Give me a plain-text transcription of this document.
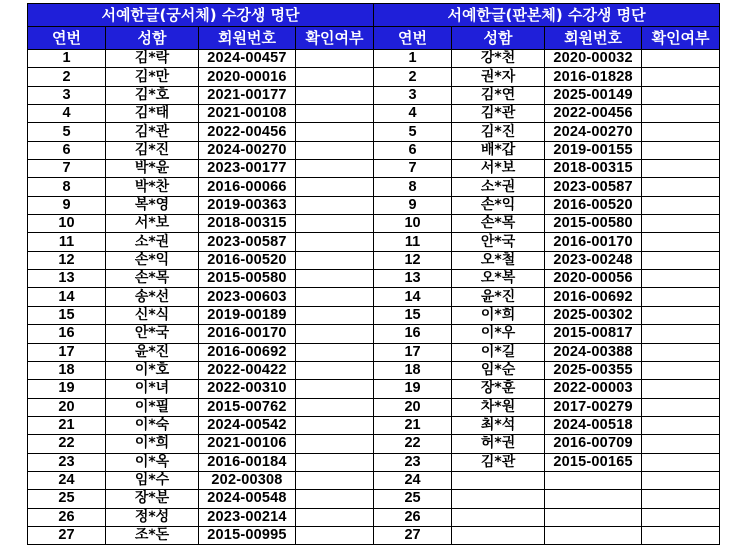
서예한글(궁서체) 수강생 명단				서예한글(판본체) 수강생 명단			
연번	성함	회원번호	확인여부	연번	성함	회원번호	확인여부
1	김*락	2024-00457		1	강*천	2020-00032	
2	김*만	2020-00016		2	권*자	2016-01828	
3	김*호	2021-00177		3	김*연	2025-00149	
4	김*태	2021-00108		4	김*관	2022-00456	
5	김*관	2022-00456		5	김*진	2024-00270	
6	김*진	2024-00270		6	배*갑	2019-00155	
7	박*윤	2023-00177		7	서*보	2018-00315	
8	박*찬	2016-00066		8	소*권	2023-00587	
9	복*영	2019-00363		9	손*익	2016-00520	
10	서*보	2018-00315		10	손*목	2015-00580	
11	소*권	2023-00587		11	안*국	2016-00170	
12	손*익	2016-00520		12	오*철	2023-00248	
13	손*목	2015-00580		13	오*복	2020-00056	
14	송*선	2023-00603		14	윤*진	2016-00692	
15	신*식	2019-00189		15	이*희	2025-00302	
16	안*국	2016-00170		16	이*우	2015-00817	
17	윤*진	2016-00692		17	이*길	2024-00388	
18	이*호	2022-00422		18	임*순	2025-00355	
19	이*녀	2022-00310		19	장*훈	2022-00003	
20	이*필	2015-00762		20	차*원	2017-00279	
21	이*숙	2024-00542		21	최*석	2024-00518	
22	이*희	2021-00106		22	허*권	2016-00709	
23	이*옥	2016-00184		23	김*관	2015-00165	
24	임*수	202-00308		24			
25	장*분	2024-00548		25			
26	정*성	2023-00214		26			
27	조*돈	2015-00995		27			
